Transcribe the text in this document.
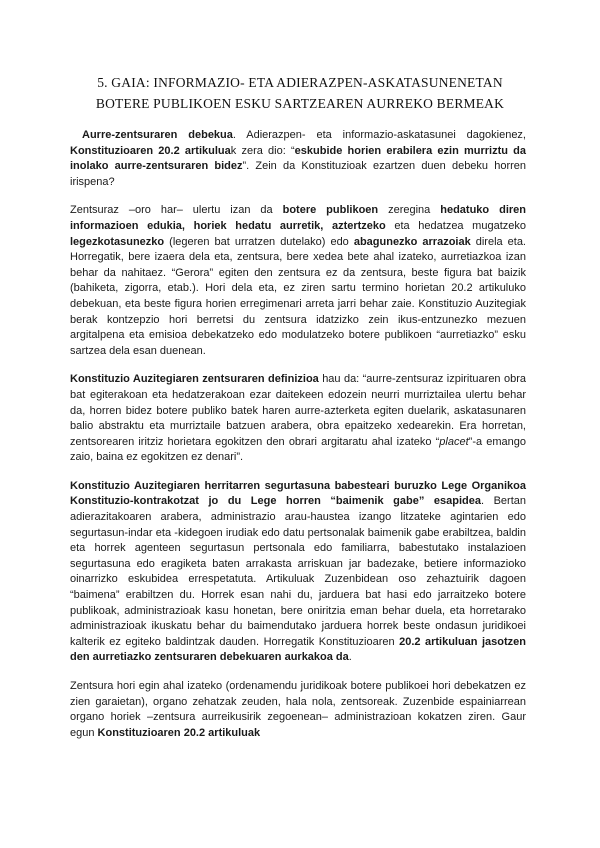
5. GAIA: INFORMAZIO- ETA ADIERAZPEN-ASKATASUNENETAN
BOTERE PUBLIKOEN ESKU SARTZEAREN AURREKO BERMEAK

Aurre-zentsuraren debekua. Adierazpen- eta informazio-askatasunei dagokienez, Konstituzioaren 20.2 artikuluak zera dio: “eskubide horien erabilera ezin murriztu da inolako aurre-zentsuraren bidez”. Zein da Konstituzioak ezartzen duen debeku horren irispena?

Zentsuraz –oro har– ulertu izan da botere publikoen zeregina hedatuko diren informazioen edukia, horiek hedatu aurretik, aztertzeko eta hedatzea mugatzeko legezkotasunezko (legeren bat urratzen dutelako) edo abagunezko arrazoiak direla eta. Horregatik, bere izaera dela eta, zentsura, bere xedea bete ahal izateko, aurretiazkoa izan behar da nahitaez. “Gerora” egiten den zentsura ez da zentsura, beste figura bat baizik (bahiketa, zigorra, etab.). Hori dela eta, ez ziren sartu termino horietan 20.2 artikuluko debekuan, eta beste figura horien erregimenari arreta jarri behar zaie. Konstituzio Auzitegiak berak kontzepzio hori berretsi du zentsura idatzizko zein ikus-entzunezko mezuen argitalpena eta emisioa debekatzeko edo modulatzeko botere publikoen “aurretiazko” esku sartzea dela esan duenean.

Konstituzio Auzitegiaren zentsuraren definizioa hau da: “aurre-zentsuraz izpirituaren obra bat egiterakoan eta hedatzerakoan ezar daitekeen edozein neurri murriztailea ulertu behar da, horren bidez botere publiko batek haren aurre-azterketa egiten duelarik, askatasunaren balio abstraktu eta murriztaile batzuen arabera, obra epaitzeko xedearekin. Era horretan, zentsorearen iritziz horietara egokitzen den obrari argitaratu ahal izateko “placet”-a emango zaio, baina ez egokitzen ez denari”.

Konstituzio Auzitegiaren herritarren segurtasuna babesteari buruzko Lege Organikoa Konstituzio-kontrakotzat jo du Lege horren “baimenik gabe” esapidea. Bertan adierazitakoaren arabera, administrazio arau-haustea izango litzateke agintarien edo segurtasun-indar eta -kidegoen irudiak edo datu pertsonalak baimenik gabe erabiltzea, baldin eta horrek agenteen segurtasun pertsonala edo familiarra, babestutako instalazioen segurtasuna edo eragiketa baten arrakasta arriskuan jar badezake, betiere informazioko oinarrizko eskubidea errespetatuta. Artikuluak Zuzenbidean oso zehaztuirik dagoen “baimena” erabiltzen du. Horrek esan nahi du, jarduera bat hasi edo jarraitzeko botere publikoak, administrazioak kasu honetan, bere oniritzia eman behar duela, eta horretarako administrazioak ikuskatu behar du baimendutako jarduera horrek beste ondasun juridikoei kalterik ez egiteko baldintzak dauden. Horregatik Konstituzioaren 20.2 artikuluan jasotzen den aurretiazko zentsuraren debekuaren aurkakoa da.

Zentsura hori egin ahal izateko (ordenamendu juridikoak botere publikoei hori debekatzen ez zien garaietan), organo zehatzak zeuden, hala nola, zentsoreak. Zuzenbide espainiarrean organo horiek –zentsura aurreikusirik zegoenean– administrazioan kokatzen ziren. Gaur egun Konstituzioaren 20.2 artikuluak
